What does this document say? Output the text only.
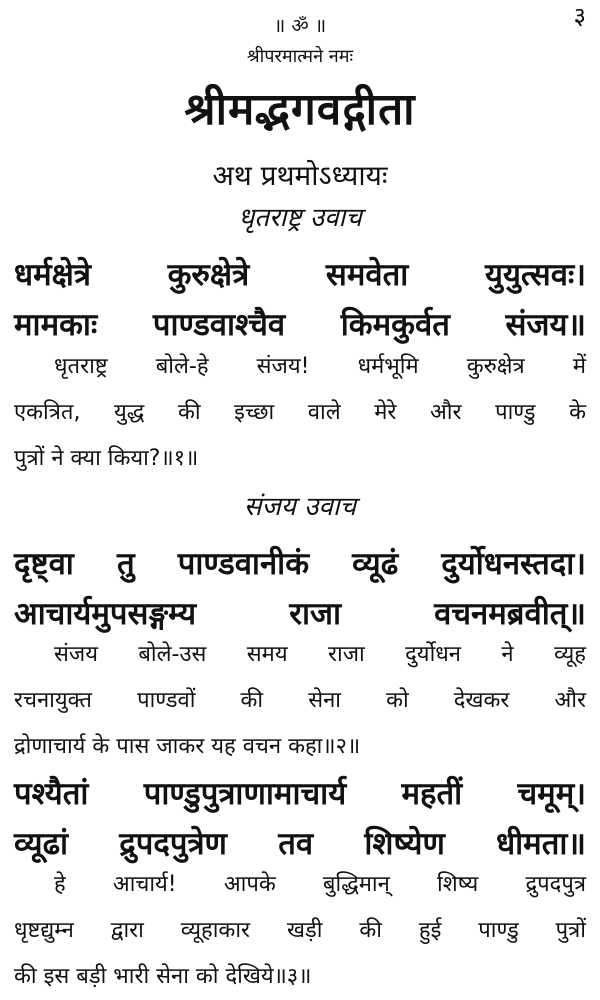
३
॥ ॐ ॥
श्रीपरमात्मने नमः
श्रीमद्भगवद्गीता
अथ प्रथमोऽध्यायः
धृतराष्ट्र उवाच
धर्मक्षेत्रे कुरुक्षेत्रे समवेता युयुत्सवः।
मामकाः पाण्डवाश्चैव किमकुर्वत संजय॥
धृतराष्ट्र बोले-हे संजय! धर्मभूमि कुरुक्षेत्र में
एकत्रित, युद्ध की इच्छा वाले मेरे और पाण्डु के
पुत्रों ने क्या किया?॥१॥
संजय उवाच
दृष्ट्वा तु पाण्डवानीकं व्यूढं दुर्योधनस्तदा।
आचार्यमुपसङ्गम्य राजा वचनमब्रवीत्॥
संजय बोले-उस समय राजा दुर्योधन ने व्यूह
रचनायुक्त पाण्डवों की सेना को देखकर और
द्रोणाचार्य के पास जाकर यह वचन कहा॥२॥
पश्यैतां पाण्डुपुत्राणामाचार्य महतीं चमूम्।
व्यूढां द्रुपदपुत्रेण तव शिष्येण धीमता॥
हे आचार्य! आपके बुद्धिमान् शिष्य द्रुपदपुत्र
धृष्टद्युम्न द्वारा व्यूहाकार खड़ी की हुई पाण्डु पुत्रों
की इस बड़ी भारी सेना को देखिये॥३॥
